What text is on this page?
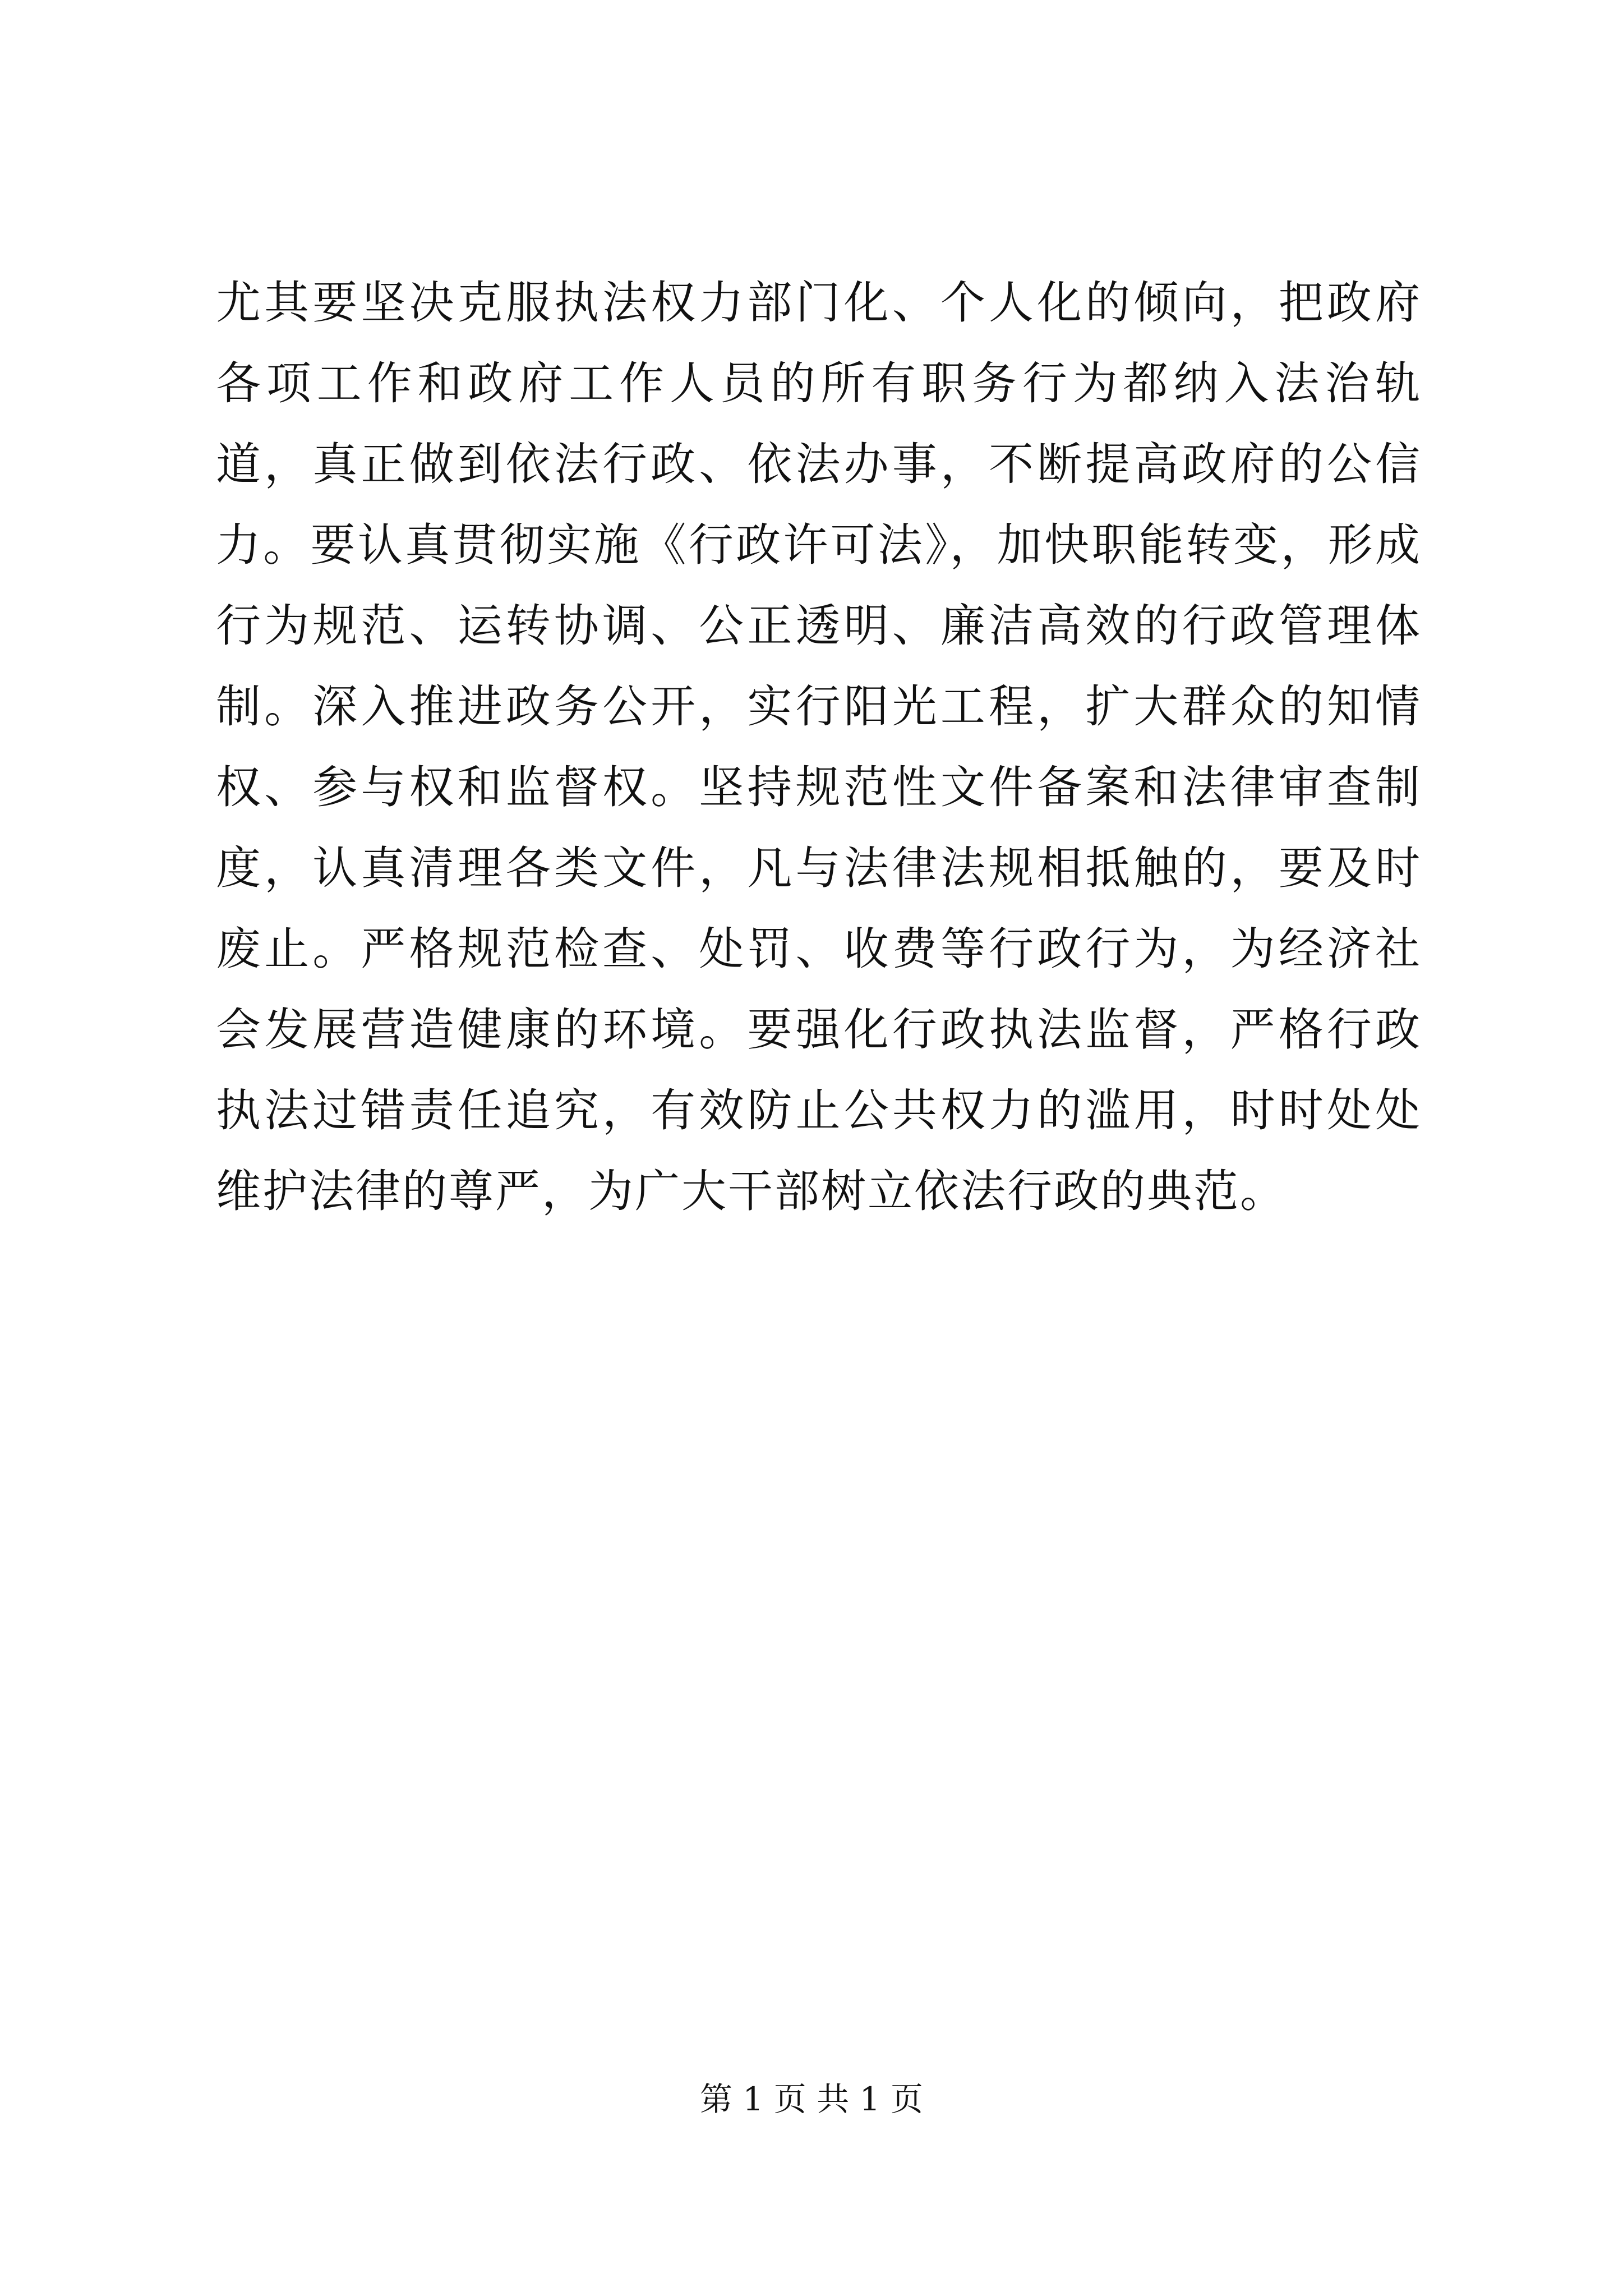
尤其要坚决克服执法权力部门化、个人化的倾向，把政府各项工作和政府工作人员的所有职务行为都纳入法治轨道，真正做到依法行政、依法办事，不断提高政府的公信力。要认真贯彻实施《行政许可法》，加快职能转变，形成行为规范、运转协调、公正透明、廉洁高效的行政管理体制。深入推进政务公开，实行阳光工程，扩大群众的知情权、参与权和监督权。坚持规范性文件备案和法律审查制度，认真清理各类文件，凡与法律法规相抵触的，要及时废止。严格规范检查、处罚、收费等行政行为，为经济社会发展营造健康的环境。要强化行政执法监督，严格行政执法过错责任追究，有效防止公共权力的滥用，时时处处维护法律的尊严，为广大干部树立依法行政的典范。

第 1 页 共 1 页
